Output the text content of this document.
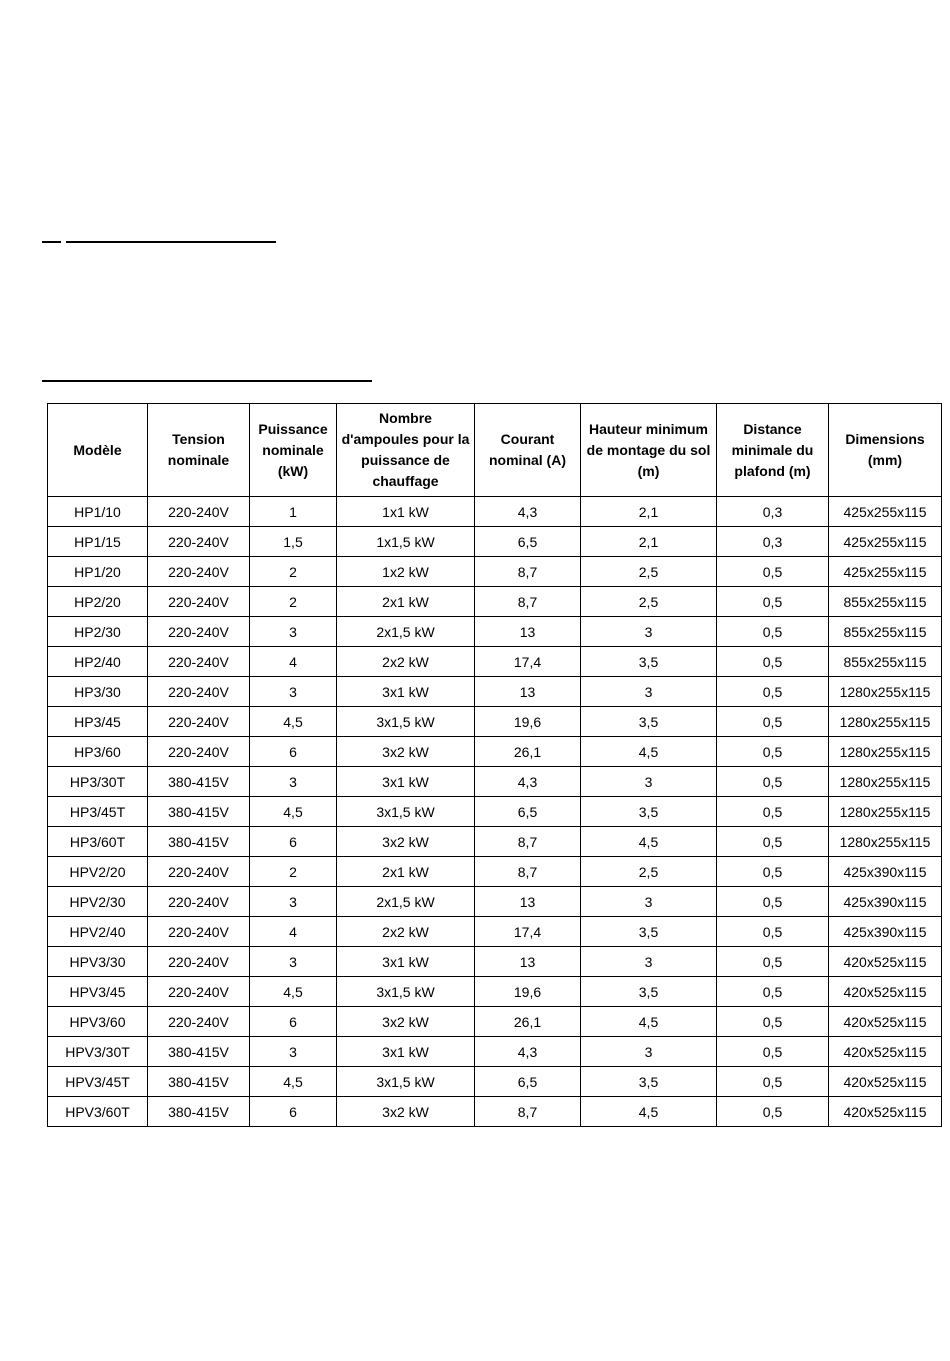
Modèle	Tension nominale	Puissance nominale (kW)	Nombre d'ampoules pour la puissance de chauffage	Courant nominal (A)	Hauteur minimum de montage du sol (m)	Distance minimale du plafond (m)	Dimensions (mm)
HP1/10	220-240V	1	1x1 kW	4,3	2,1	0,3	425x255x115
HP1/15	220-240V	1,5	1x1,5 kW	6,5	2,1	0,3	425x255x115
HP1/20	220-240V	2	1x2 kW	8,7	2,5	0,5	425x255x115
HP2/20	220-240V	2	2x1 kW	8,7	2,5	0,5	855x255x115
HP2/30	220-240V	3	2x1,5 kW	13	3	0,5	855x255x115
HP2/40	220-240V	4	2x2 kW	17,4	3,5	0,5	855x255x115
HP3/30	220-240V	3	3x1 kW	13	3	0,5	1280x255x115
HP3/45	220-240V	4,5	3x1,5 kW	19,6	3,5	0,5	1280x255x115
HP3/60	220-240V	6	3x2 kW	26,1	4,5	0,5	1280x255x115
HP3/30T	380-415V	3	3x1 kW	4,3	3	0,5	1280x255x115
HP3/45T	380-415V	4,5	3x1,5 kW	6,5	3,5	0,5	1280x255x115
HP3/60T	380-415V	6	3x2 kW	8,7	4,5	0,5	1280x255x115
HPV2/20	220-240V	2	2x1 kW	8,7	2,5	0,5	425x390x115
HPV2/30	220-240V	3	2x1,5 kW	13	3	0,5	425x390x115
HPV2/40	220-240V	4	2x2 kW	17,4	3,5	0,5	425x390x115
HPV3/30	220-240V	3	3x1 kW	13	3	0,5	420x525x115
HPV3/45	220-240V	4,5	3x1,5 kW	19,6	3,5	0,5	420x525x115
HPV3/60	220-240V	6	3x2 kW	26,1	4,5	0,5	420x525x115
HPV3/30T	380-415V	3	3x1 kW	4,3	3	0,5	420x525x115
HPV3/45T	380-415V	4,5	3x1,5 kW	6,5	3,5	0,5	420x525x115
HPV3/60T	380-415V	6	3x2 kW	8,7	4,5	0,5	420x525x115
